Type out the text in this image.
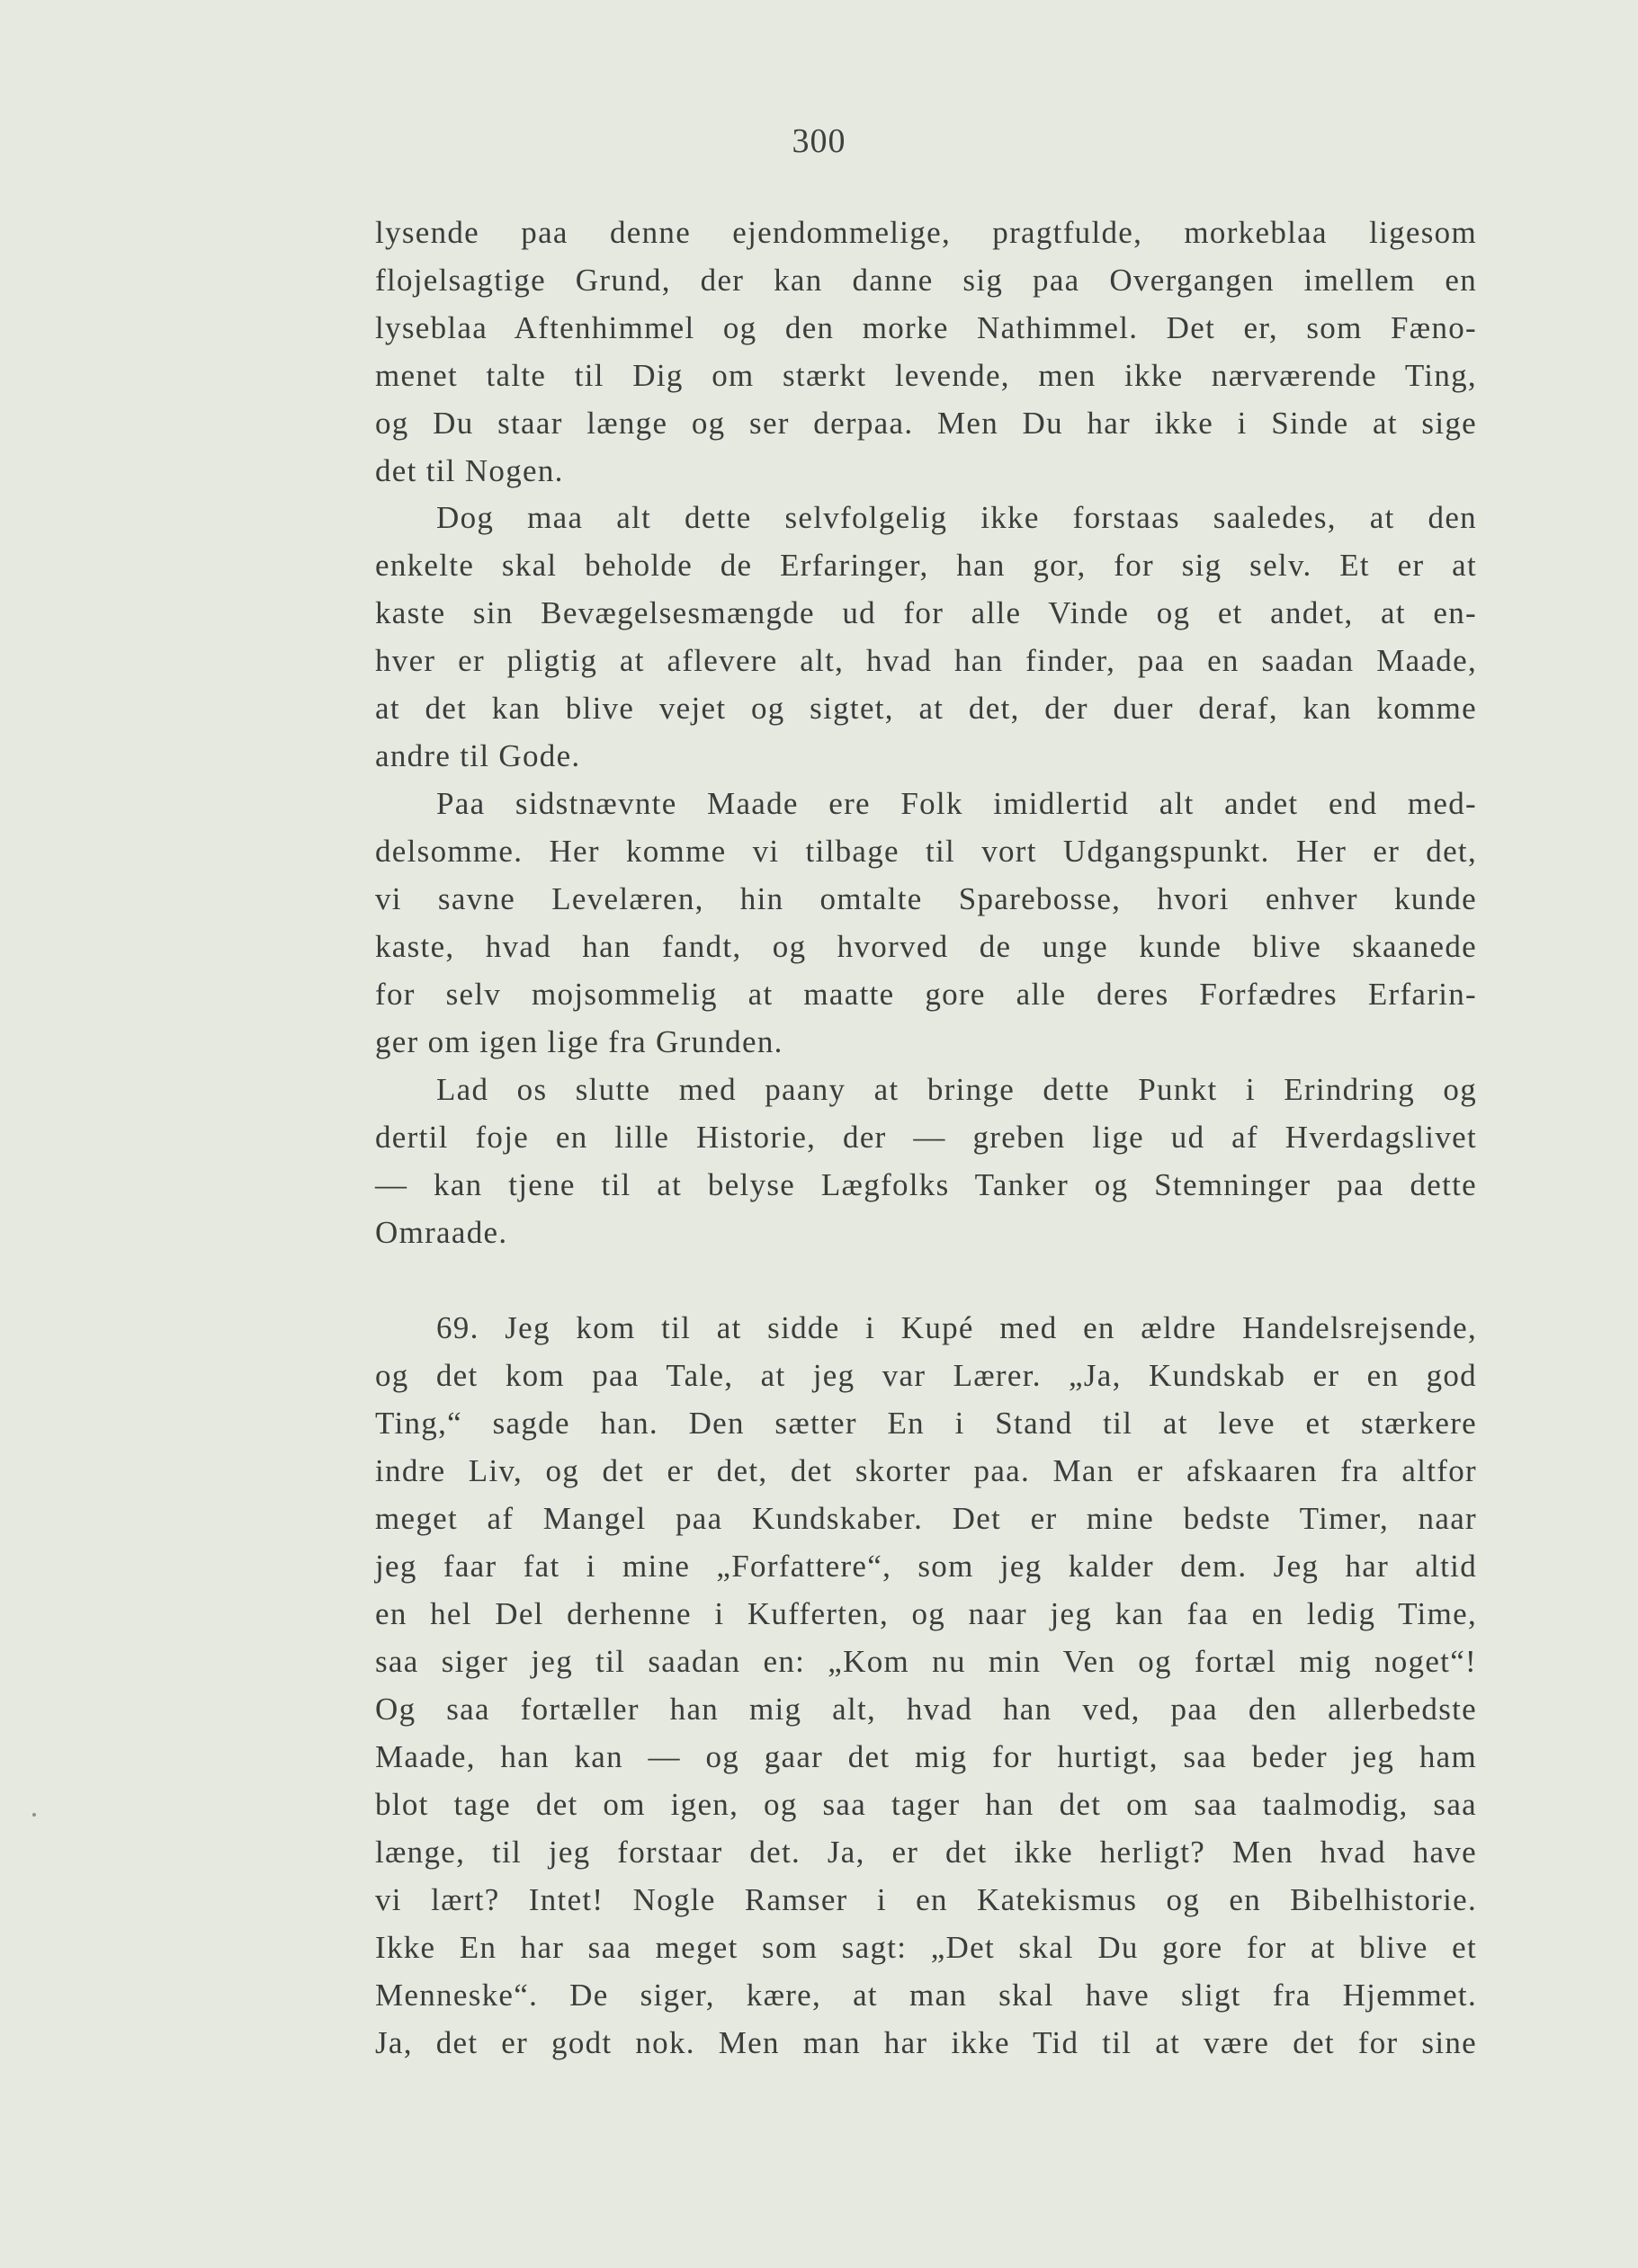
300
lysende paa denne ejendommelige, pragtfulde, morkeblaa ligesom
flojelsagtige Grund, der kan danne sig paa Overgangen imellem en
lyseblaa Aftenhimmel og den morke Nathimmel. Det er, som Fæno-
menet talte til Dig om stærkt levende, men ikke nærværende Ting,
og Du staar længe og ser derpaa. Men Du har ikke i Sinde at sige
det til Nogen.
Dog maa alt dette selvfolgelig ikke forstaas saaledes, at den
enkelte skal beholde de Erfaringer, han gor, for sig selv. Et er at
kaste sin Bevægelsesmængde ud for alle Vinde og et andet, at en-
hver er pligtig at aflevere alt, hvad han finder, paa en saadan Maade,
at det kan blive vejet og sigtet, at det, der duer deraf, kan komme
andre til Gode.
Paa sidstnævnte Maade ere Folk imidlertid alt andet end med-
delsomme. Her komme vi tilbage til vort Udgangspunkt. Her er det,
vi savne Levelæren, hin omtalte Sparebosse, hvori enhver kunde
kaste, hvad han fandt, og hvorved de unge kunde blive skaanede
for selv mojsommelig at maatte gore alle deres Forfædres Erfarin-
ger om igen lige fra Grunden.
Lad os slutte med paany at bringe dette Punkt i Erindring og
dertil foje en lille Historie, der — greben lige ud af Hverdagslivet
— kan tjene til at belyse Lægfolks Tanker og Stemninger paa dette
Omraade.
69. Jeg kom til at sidde i Kupé med en ældre Handelsrejsende,
og det kom paa Tale, at jeg var Lærer. „Ja, Kundskab er en god
Ting,“ sagde han. Den sætter En i Stand til at leve et stærkere
indre Liv, og det er det, det skorter paa. Man er afskaaren fra altfor
meget af Mangel paa Kundskaber. Det er mine bedste Timer, naar
jeg faar fat i mine „Forfattere“, som jeg kalder dem. Jeg har altid
en hel Del derhenne i Kufferten, og naar jeg kan faa en ledig Time,
saa siger jeg til saadan en: „Kom nu min Ven og fortæl mig noget“!
Og saa fortæller han mig alt, hvad han ved, paa den allerbedste
Maade, han kan — og gaar det mig for hurtigt, saa beder jeg ham
blot tage det om igen, og saa tager han det om saa taalmodig, saa
længe, til jeg forstaar det. Ja, er det ikke herligt? Men hvad have
vi lært? Intet! Nogle Ramser i en Katekismus og en Bibelhistorie.
Ikke En har saa meget som sagt: „Det skal Du gore for at blive et
Menneske“. De siger, kære, at man skal have sligt fra Hjemmet.
Ja, det er godt nok. Men man har ikke Tid til at være det for sine
